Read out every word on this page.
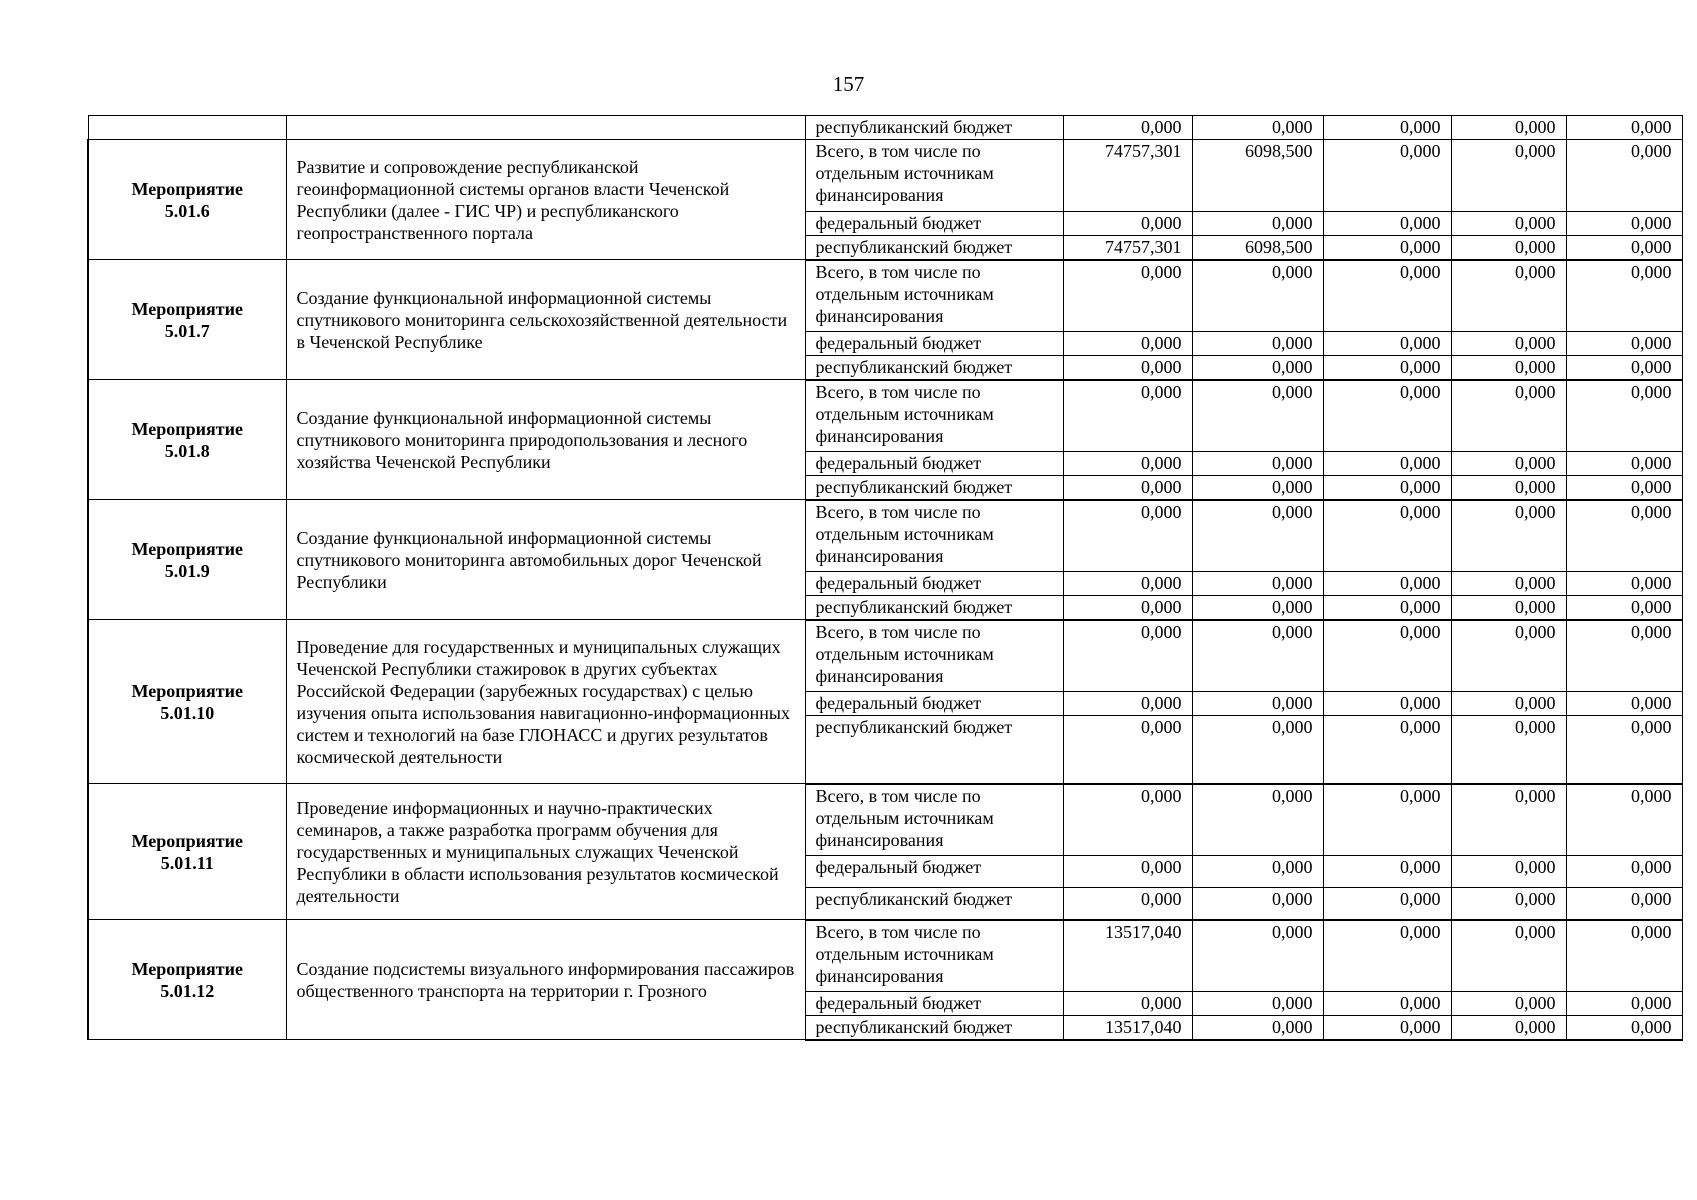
157
		республиканский бюджет	0,000	0,000	0,000	0,000	0,000

Мероприятие
5.01.6	Развитие и сопровождение республиканской геоинформационной системы органов власти Чеченской Республики (далее - ГИС ЧР) и республиканского геопространственного портала	Всего, в том числе по отдельным источникам финансирования	74757,301	6098,500	0,000	0,000	0,000
		федеральный бюджет	0,000	0,000	0,000	0,000	0,000
		республиканский бюджет	74757,301	6098,500	0,000	0,000	0,000

Мероприятие
5.01.7	Создание функциональной информационной системы спутникового мониторинга сельскохозяйственной деятельности в Чеченской Республике	Всего, в том числе по отдельным источникам финансирования	0,000	0,000	0,000	0,000	0,000
		федеральный бюджет	0,000	0,000	0,000	0,000	0,000
		республиканский бюджет	0,000	0,000	0,000	0,000	0,000

Мероприятие
5.01.8	Создание функциональной информационной системы спутникового мониторинга природопользования и лесного хозяйства Чеченской Республики	Всего, в том числе по отдельным источникам финансирования	0,000	0,000	0,000	0,000	0,000
		федеральный бюджет	0,000	0,000	0,000	0,000	0,000
		республиканский бюджет	0,000	0,000	0,000	0,000	0,000

Мероприятие
5.01.9	Создание функциональной информационной системы спутникового мониторинга автомобильных дорог Чеченской Республики	Всего, в том числе по отдельным источникам финансирования	0,000	0,000	0,000	0,000	0,000
		федеральный бюджет	0,000	0,000	0,000	0,000	0,000
		республиканский бюджет	0,000	0,000	0,000	0,000	0,000

Мероприятие
5.01.10	Проведение для государственных и муниципальных служащих Чеченской Республики стажировок в других субъектах Российской Федерации (зарубежных государствах) с целью изучения опыта использования навигационно-информационных систем и технологий на базе ГЛОНАСС и других результатов космической деятельности	Всего, в том числе по отдельным источникам финансирования	0,000	0,000	0,000	0,000	0,000
		федеральный бюджет	0,000	0,000	0,000	0,000	0,000
		республиканский бюджет	0,000	0,000	0,000	0,000	0,000

Мероприятие
5.01.11	Проведение информационных и научно-практических семинаров, а также разработка программ обучения для государственных и муниципальных служащих Чеченской Республики в области использования результатов космической деятельности	Всего, в том числе по отдельным источникам финансирования	0,000	0,000	0,000	0,000	0,000
		федеральный бюджет	0,000	0,000	0,000	0,000	0,000
		республиканский бюджет	0,000	0,000	0,000	0,000	0,000

Мероприятие
5.01.12	Создание подсистемы визуального информирования пассажиров общественного транспорта на территории г. Грозного	Всего, в том числе по отдельным источникам финансирования	13517,040	0,000	0,000	0,000	0,000
		федеральный бюджет	0,000	0,000	0,000	0,000	0,000
		республиканский бюджет	13517,040	0,000	0,000	0,000	0,000
